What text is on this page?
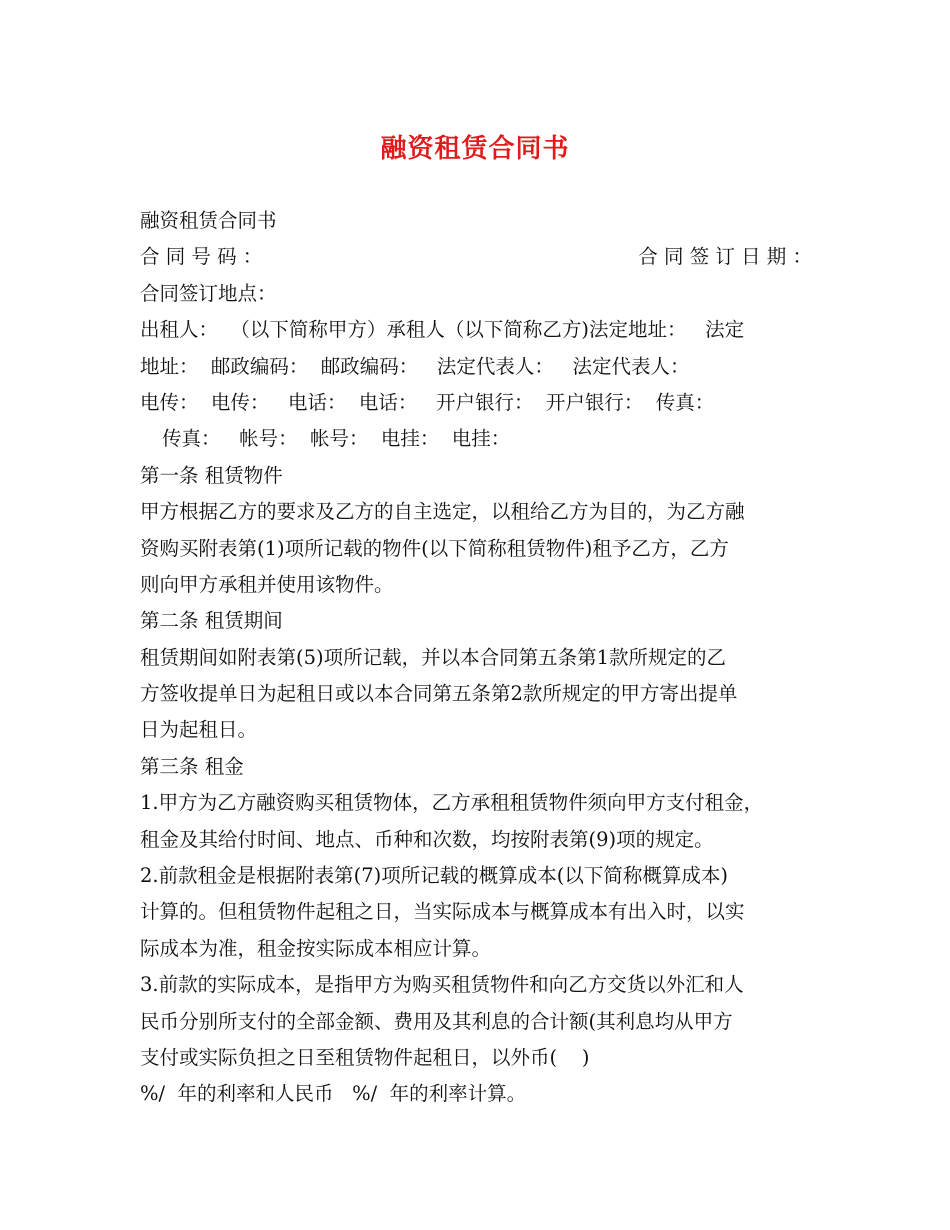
融资租赁合同书
融资租赁合同书
合 同 号 码 ：	合 同 签 订 日 期 ：
合同签订地点：
出租人：  （以下简称甲方）承租人（以下简称乙方)法定地址：   法定
地址：  邮政编码：  邮政编码：   法定代表人：   法定代表人：
电传：  电传：   电话：  电话：   开户银行：  开户银行：  传真：
传真：   帐号：  帐号：  电挂：  电挂：
第一条 租赁物件
甲方根据乙方的要求及乙方的自主选定，以租给乙方为目的，为乙方融
资购买附表第(1)项所记载的物件(以下简称租赁物件)租予乙方，乙方
则向甲方承租并使用该物件。
第二条 租赁期间
租赁期间如附表第(5)项所记载，并以本合同第五条第1款所规定的乙
方签收提单日为起租日或以本合同第五条第2款所规定的甲方寄出提单
日为起租日。
第三条 租金
1.甲方为乙方融资购买租赁物体，乙方承租租赁物件须向甲方支付租金，
租金及其给付时间、地点、币种和次数，均按附表第(9)项的规定。
2.前款租金是根据附表第(7)项所记载的概算成本(以下简称概算成本)
计算的。但租赁物件起租之日，当实际成本与概算成本有出入时，以实
际成本为准，租金按实际成本相应计算。
3.前款的实际成本，是指甲方为购买租赁物件和向乙方交货以外汇和人
民币分别所支付的全部金额、费用及其利息的合计额(其利息均从甲方
支付或实际负担之日至租赁物件起租日，以外币(    )
%/  年的利率和人民币   %/  年的利率计算。
